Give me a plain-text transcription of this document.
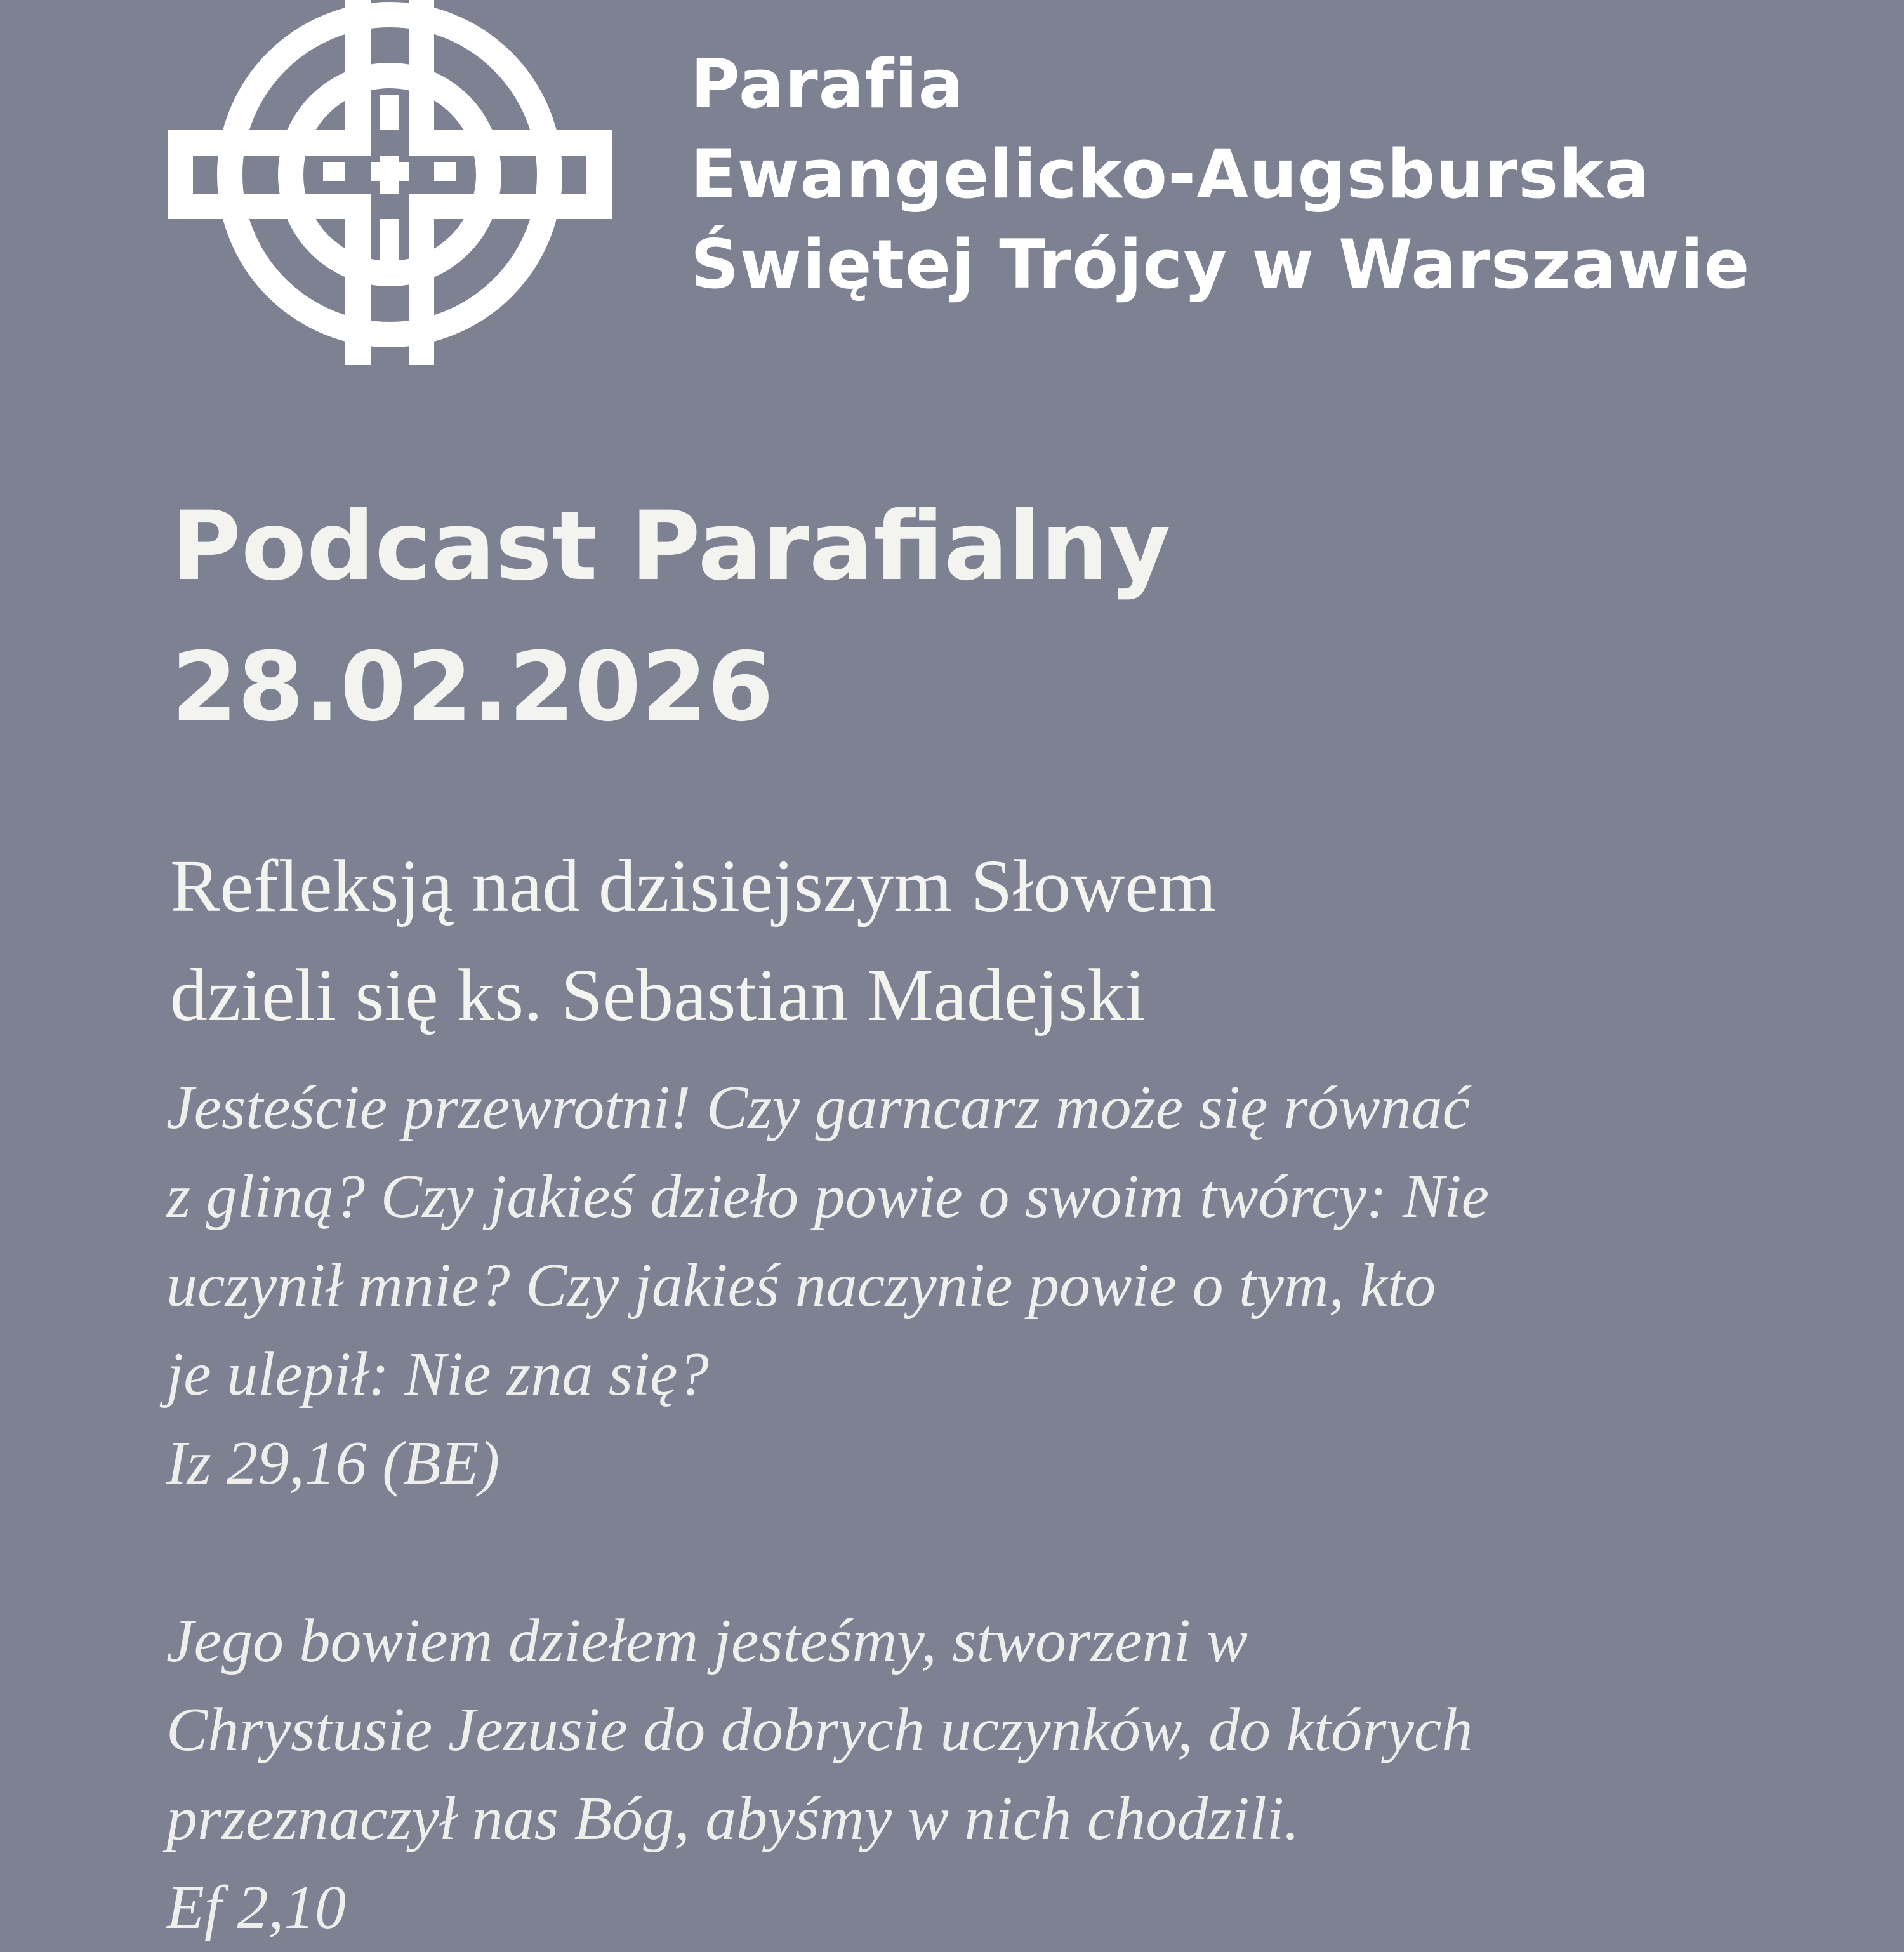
Parafia
Ewangelicko-Augsburska
Świętej Trójcy w Warszawie
Podcast Parafialny
28.02.2026
Refleksją nad dzisiejszym Słowem
dzieli się ks. Sebastian Madejski
Jesteście przewrotni! Czy garncarz może się równać
z gliną? Czy jakieś dzieło powie o swoim twórcy: Nie
uczynił mnie? Czy jakieś naczynie powie o tym, kto
je ulepił: Nie zna się?
Iz 29,16 (BE)
Jego bowiem dziełem jesteśmy, stworzeni w
Chrystusie Jezusie do dobrych uczynków, do których
przeznaczył nas Bóg, abyśmy w nich chodzili.
Ef 2,10
